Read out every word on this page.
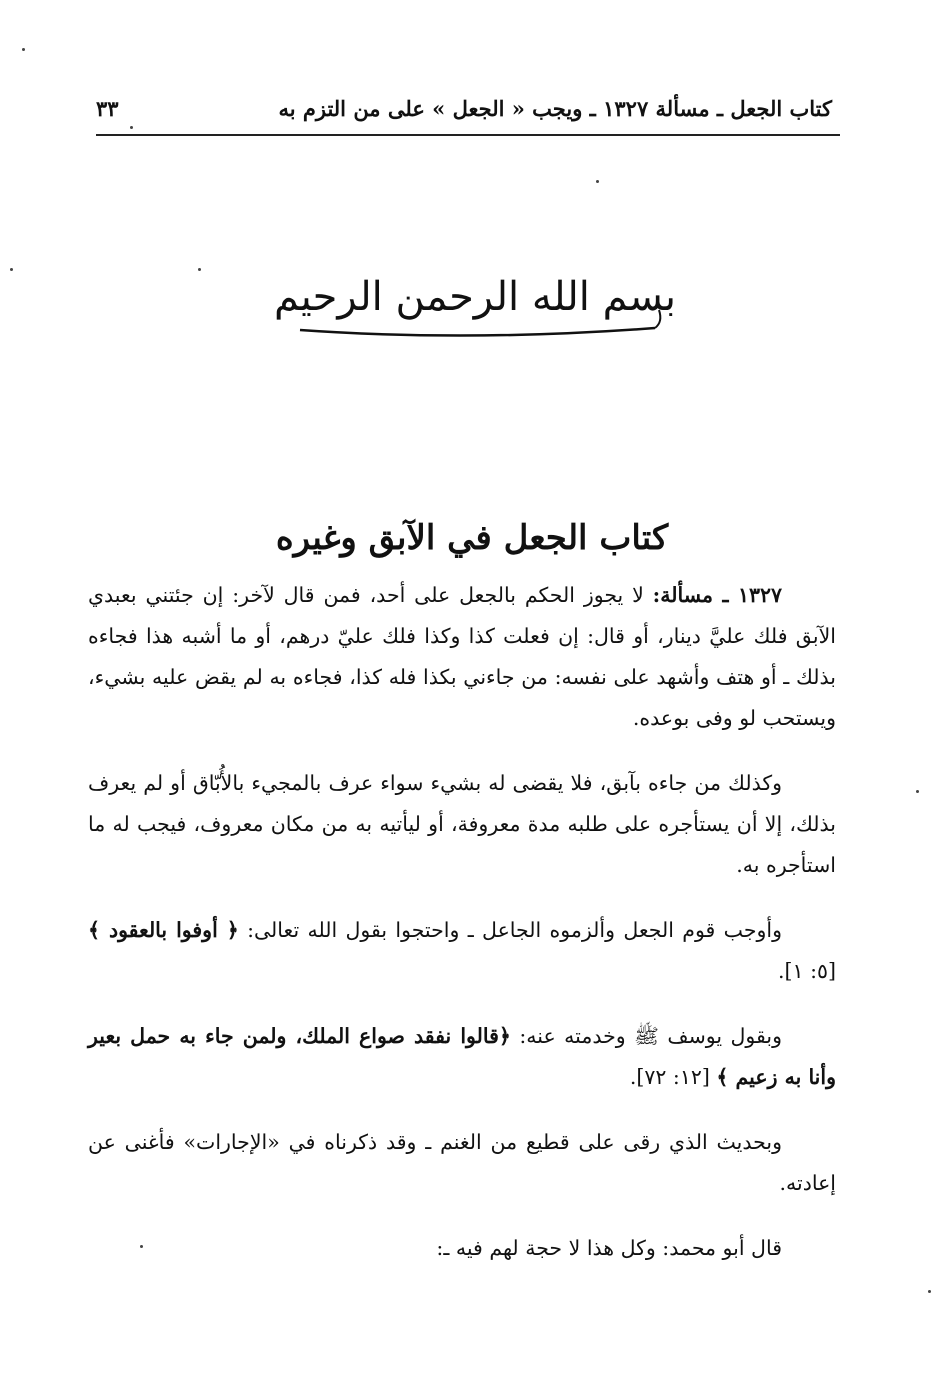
كتاب الجعل ـ مسألة ١٣٢٧ ـ ويجب « الجعل » على من التزم به
٣٣
بسم الله الرحمن الرحيم
كتاب الجعل في الآبق وغيره

١٣٢٧ ـ مسألة: لا يجوز الحكم بالجعل على أحد، فمن قال لآخر: إن جئتني بعبدي الآبق فلك عليَّ دينار، أو قال: إن فعلت كذا وكذا فلك عليّ درهم، أو ما أشبه هذا فجاءه بذلك ـ أو هتف وأشهد على نفسه: من جاءني بكذا فله كذا، فجاءه به لم يقض عليه بشيء، ويستحب لو وفى بوعده.

وكذلك من جاءه بآبق، فلا يقضى له بشيء سواء عرف بالمجيء بالأُبّاق أو لم يعرف بذلك، إلا أن يستأجره على طلبه مدة معروفة، أو ليأتيه به من مكان معروف، فيجب له ما استأجره به.

وأوجب قوم الجعل وألزموه الجاعل ـ واحتجوا بقول الله تعالى: ﴿ أوفوا بالعقود ﴾ [٥: ١].

وبقول يوسف ﷺ وخدمته عنه: ﴿قالوا نفقد صواع الملك، ولمن جاء به حمل بعير وأنا به زعيم ﴾ [١٢: ٧٢].

وبحديث الذي رقى على قطيع من الغنم ـ وقد ذكرناه في «الإجارات» فأغنى عن إعادته.

قال أبو محمد: وكل هذا لا حجة لهم فيه ـ:
